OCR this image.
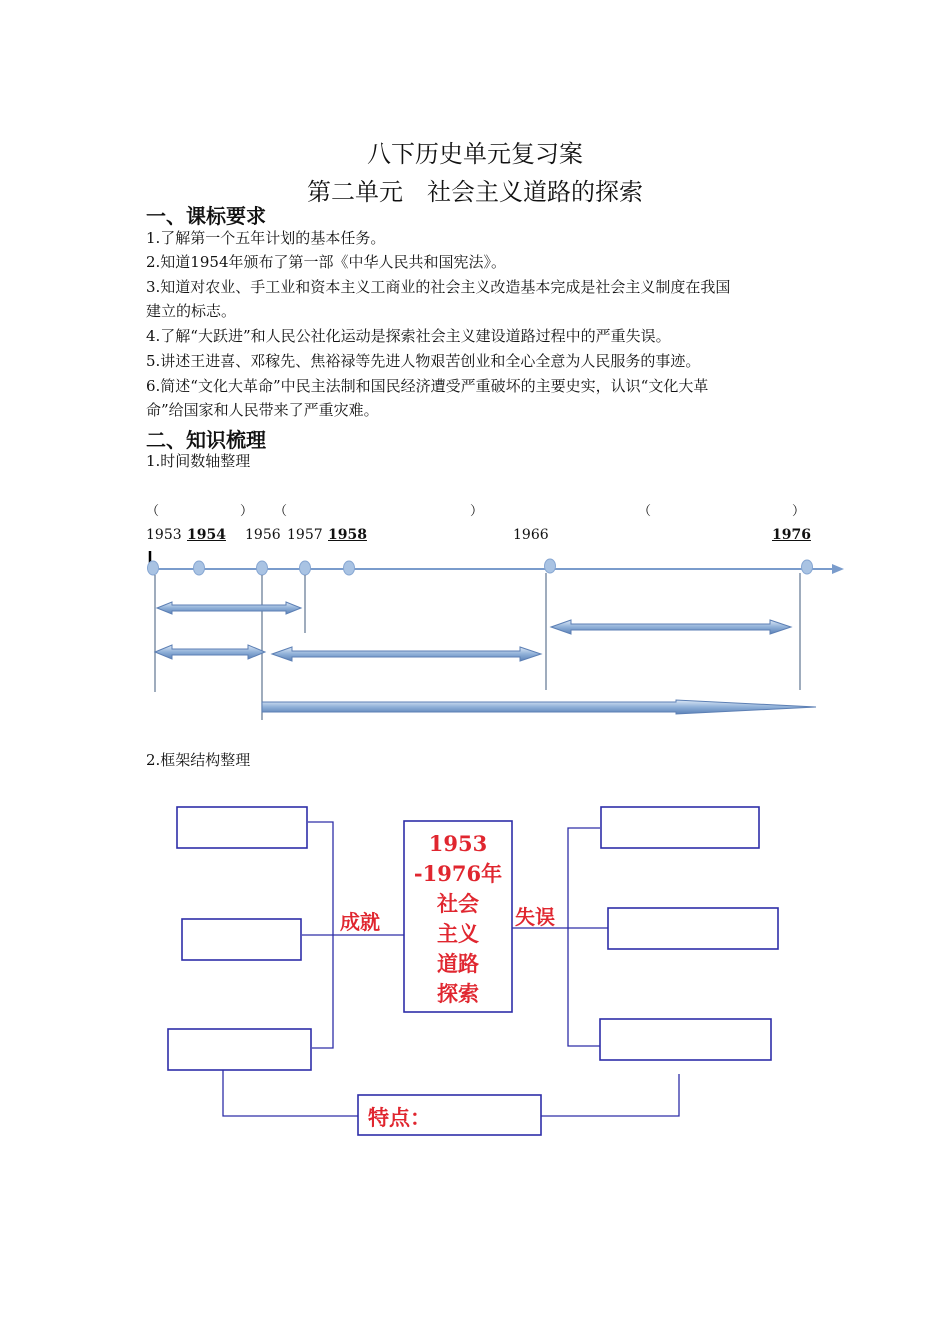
八下历史单元复习案
第二单元　社会主义道路的探索
一、课标要求
1.了解第一个五年计划的基本任务。
2.知道1954年颁布了第一部《中华人民共和国宪法》。
3.知道对农业、手工业和资本主义工商业的社会主义改造基本完成是社会主义制度在我国
建立的标志。
4.了解“大跃进”和人民公社化运动是探索社会主义建设道路过程中的严重失误。
5.讲述王进喜、邓稼先、焦裕禄等先进人物艰苦创业和全心全意为人民服务的事迹。
6.简述“文化大革命”中民主法制和国民经济遭受严重破坏的主要史实，认识“文化大革
命”给国家和人民带来了严重灾难。
二、知识梳理
1.时间数轴整理
（	） （	）	（	）
1953 1954 1956 1957 1958	1966	1976
2.框架结构整理
1953
-1976年
社会
主义
道路
探索
成就	失误
特点：
